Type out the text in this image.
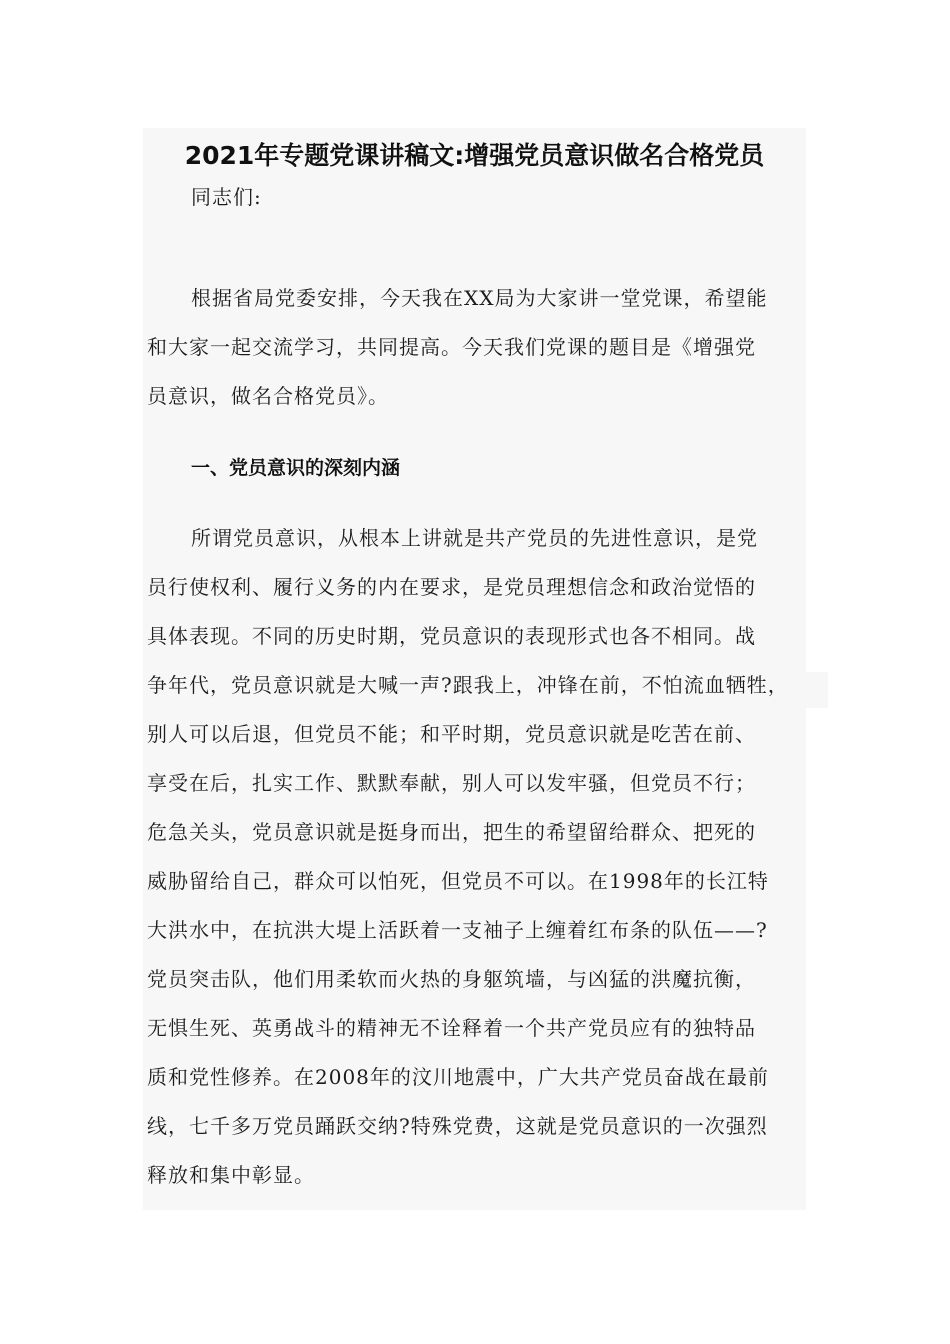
2021年专题党课讲稿文:增强党员意识做名合格党员
同志们:
根据省局党委安排，今天我在XX局为大家讲一堂党课，希望能
和大家一起交流学习，共同提高。今天我们党课的题目是《增强党
员意识，做名合格党员》。
一、党员意识的深刻内涵
所谓党员意识，从根本上讲就是共产党员的先进性意识，是党
员行使权利、履行义务的内在要求，是党员理想信念和政治觉悟的
具体表现。不同的历史时期，党员意识的表现形式也各不相同。战
争年代，党员意识就是大喊一声?跟我上，冲锋在前，不怕流血牺牲，
别人可以后退，但党员不能；和平时期，党员意识就是吃苦在前、
享受在后，扎实工作、默默奉献，别人可以发牢骚，但党员不行；
危急关头，党员意识就是挺身而出，把生的希望留给群众、把死的
威胁留给自己，群众可以怕死，但党员不可以。在1998年的长江特
大洪水中，在抗洪大堤上活跃着一支袖子上缠着红布条的队伍——?
党员突击队，他们用柔软而火热的身躯筑墙，与凶猛的洪魔抗衡，
无惧生死、英勇战斗的精神无不诠释着一个共产党员应有的独特品
质和党性修养。在2008年的汶川地震中，广大共产党员奋战在最前
线，七千多万党员踊跃交纳?特殊党费，这就是党员意识的一次强烈
释放和集中彰显。
